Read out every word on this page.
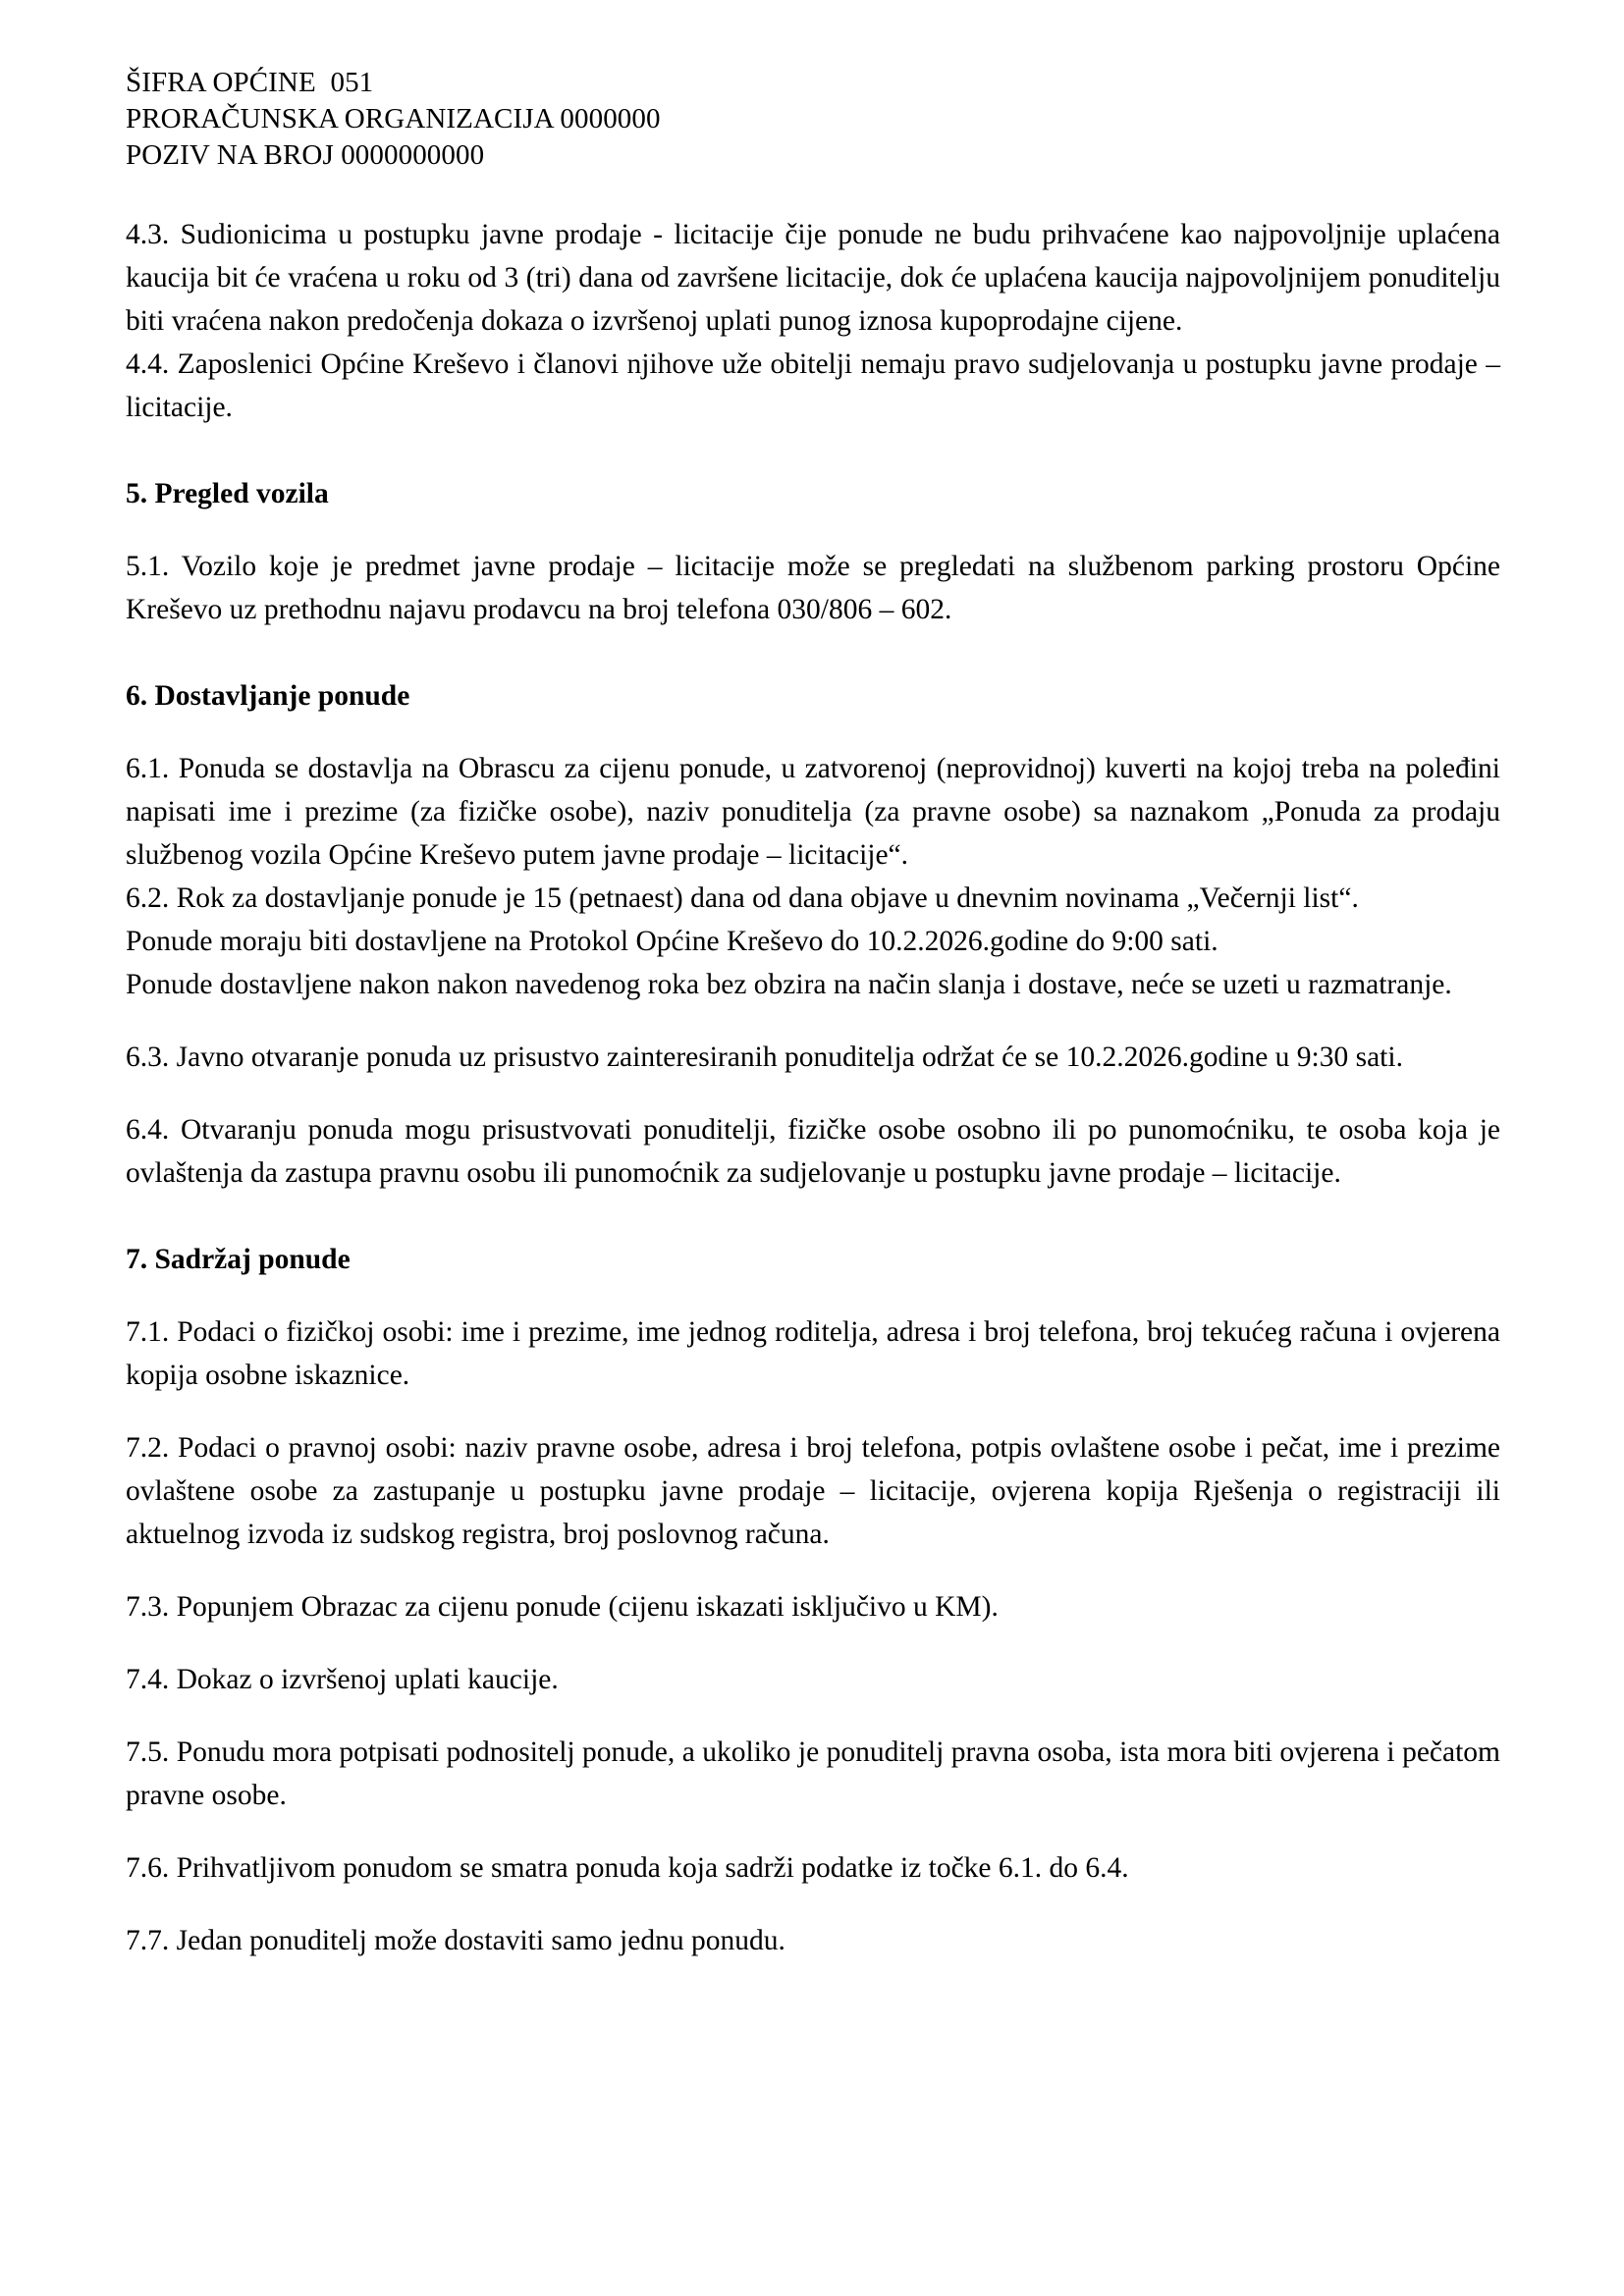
ŠIFRA OPĆINE  051
PRORAČUNSKA ORGANIZACIJA 0000000
POZIV NA BROJ 0000000000

4.3. Sudionicima u postupku javne prodaje - licitacije čije ponude ne budu prihvaćene kao najpovoljnije uplaćena kaucija bit će vraćena u roku od 3 (tri) dana od završene licitacije, dok će uplaćena kaucija najpovoljnijem ponuditelju biti vraćena nakon predočenja dokaza o izvršenoj uplati punog iznosa kupoprodajne cijene.

4.4. Zaposlenici Općine Kreševo i članovi njihove uže obitelji nemaju pravo sudjelovanja u postupku javne prodaje – licitacije.

5. Pregled vozila

5.1. Vozilo koje je predmet javne prodaje – licitacije može se pregledati na službenom parking prostoru Općine Kreševo uz prethodnu najavu prodavcu na broj telefona 030/806 – 602.

6. Dostavljanje ponude

6.1. Ponuda se dostavlja na Obrascu za cijenu ponude, u zatvorenoj (neprovidnoj) kuverti na kojoj treba na poleđini napisati ime i prezime (za fizičke osobe), naziv ponuditelja (za pravne osobe) sa naznakom „Ponuda za prodaju službenog vozila Općine Kreševo putem javne prodaje – licitacije“.

6.2. Rok za dostavljanje ponude je 15 (petnaest) dana od dana objave u dnevnim novinama „Večernji list“.

Ponude moraju biti dostavljene na Protokol Općine Kreševo do 10.2.2026.godine do 9:00 sati.

Ponude dostavljene nakon nakon navedenog roka bez obzira na način slanja i dostave, neće se uzeti u razmatranje.

6.3. Javno otvaranje ponuda uz prisustvo zainteresiranih ponuditelja održat će se 10.2.2026.godine u 9:30 sati.

6.4. Otvaranju ponuda mogu prisustvovati ponuditelji, fizičke osobe osobno ili po punomoćniku, te osoba koja je ovlaštenja da zastupa pravnu osobu ili punomoćnik za sudjelovanje u postupku javne prodaje – licitacije.

7. Sadržaj ponude

7.1. Podaci o fizičkoj osobi: ime i prezime, ime jednog roditelja, adresa i broj telefona, broj tekućeg računa i ovjerena kopija osobne iskaznice.

7.2. Podaci o pravnoj osobi: naziv pravne osobe, adresa i broj telefona, potpis ovlaštene osobe i pečat, ime i prezime ovlaštene osobe za zastupanje u postupku javne prodaje – licitacije, ovjerena kopija Rješenja o registraciji ili aktuelnog izvoda iz sudskog registra, broj poslovnog računa.

7.3. Popunjem Obrazac za cijenu ponude (cijenu iskazati isključivo u KM).

7.4. Dokaz o izvršenoj uplati kaucije.

7.5. Ponudu mora potpisati podnositelj ponude, a ukoliko je ponuditelj pravna osoba, ista mora biti ovjerena i pečatom pravne osobe.

7.6. Prihvatljivom ponudom se smatra ponuda koja sadrži podatke iz točke 6.1. do 6.4.

7.7. Jedan ponuditelj može dostaviti samo jednu ponudu.
